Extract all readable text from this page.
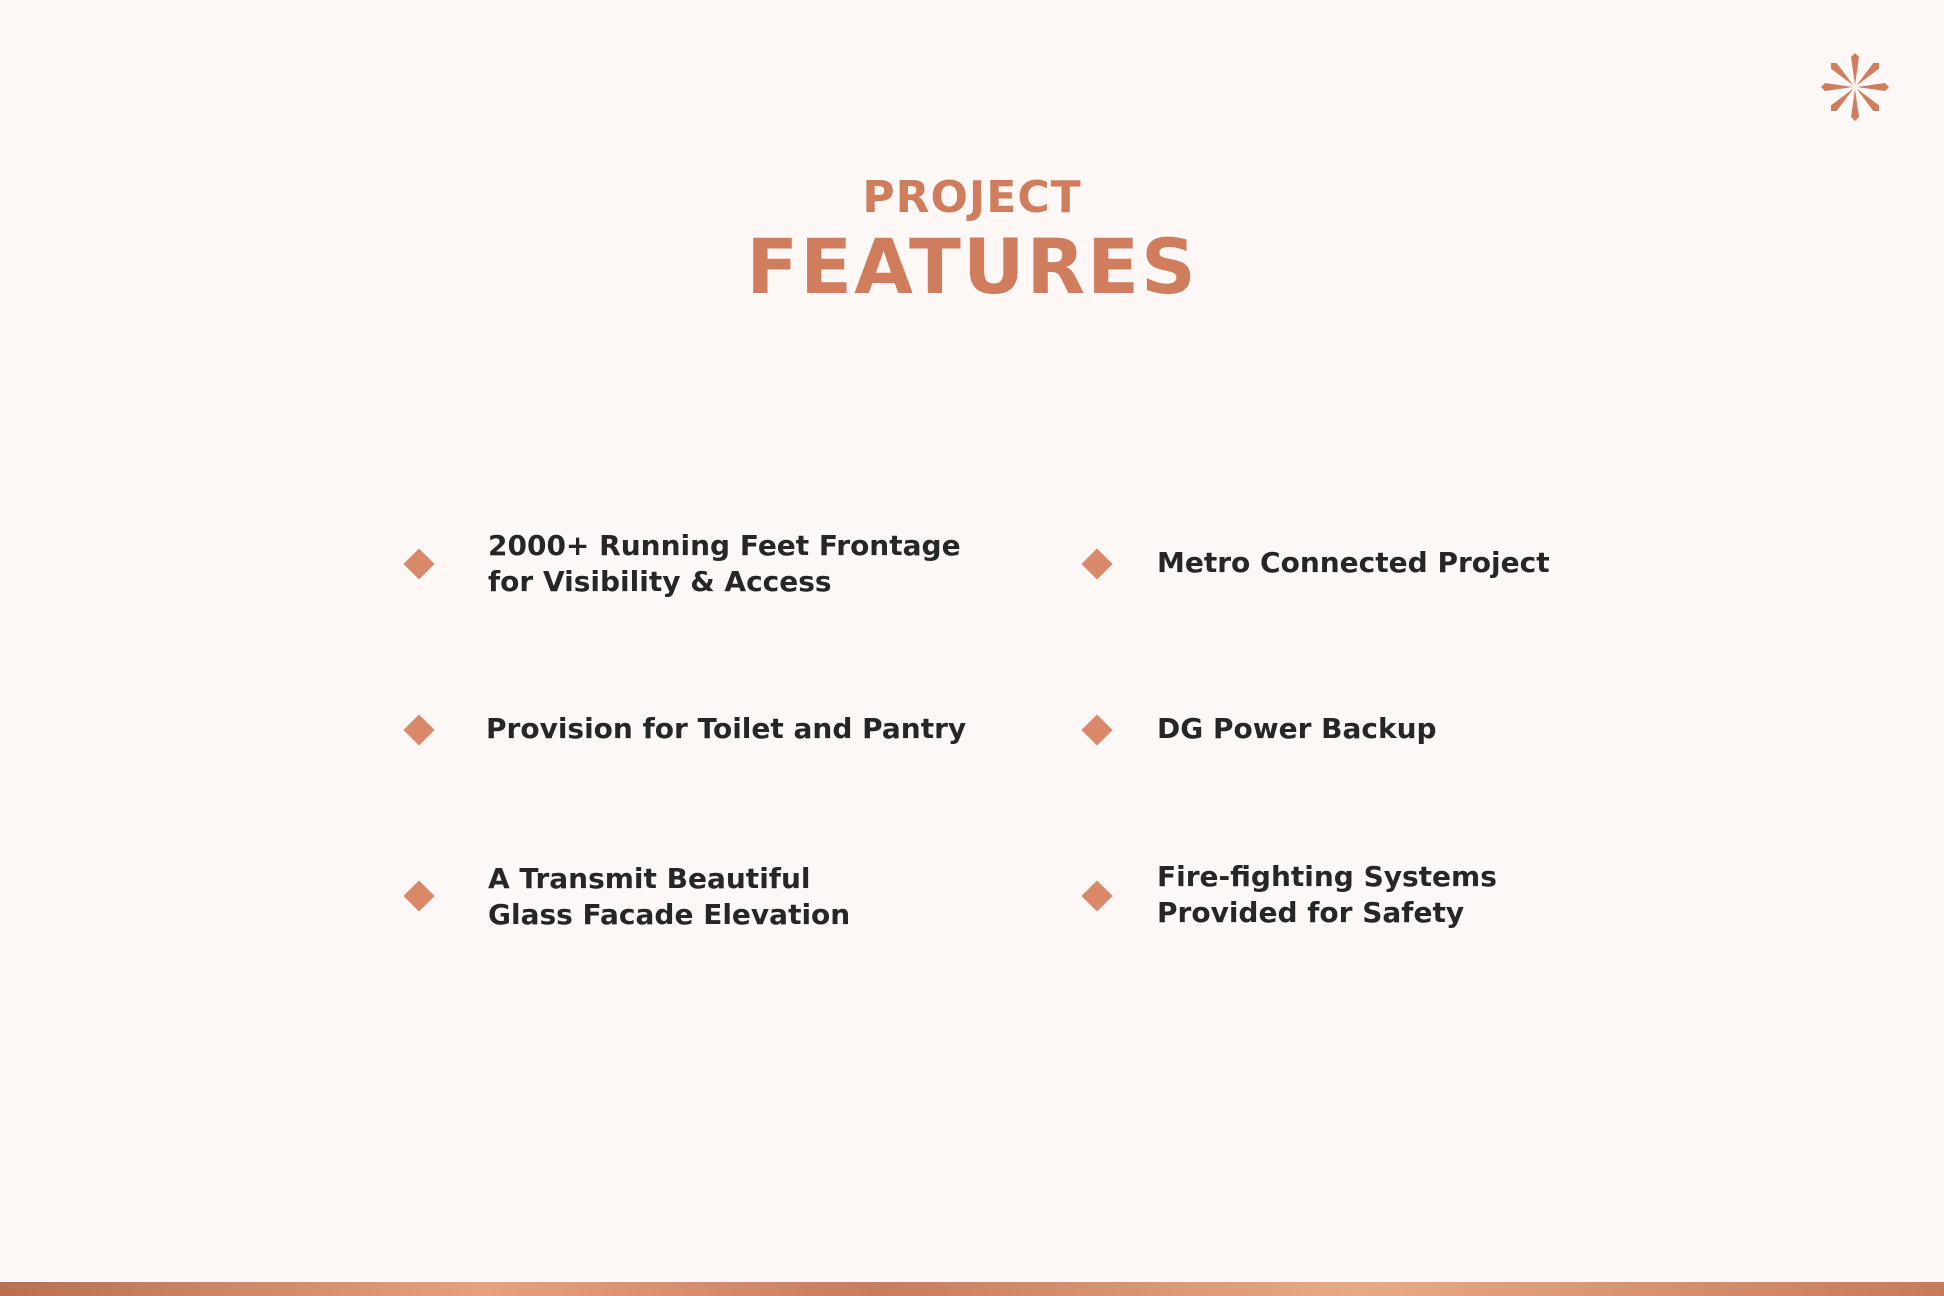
PROJECT
FEATURES
2000+ Running Feet Frontage
for Visibility & Access
Metro Connected Project
Provision for Toilet and Pantry	DG Power Backup
A Transmit Beautiful
Glass Facade Elevation
Fire-fighting Systems
Provided for Safety
